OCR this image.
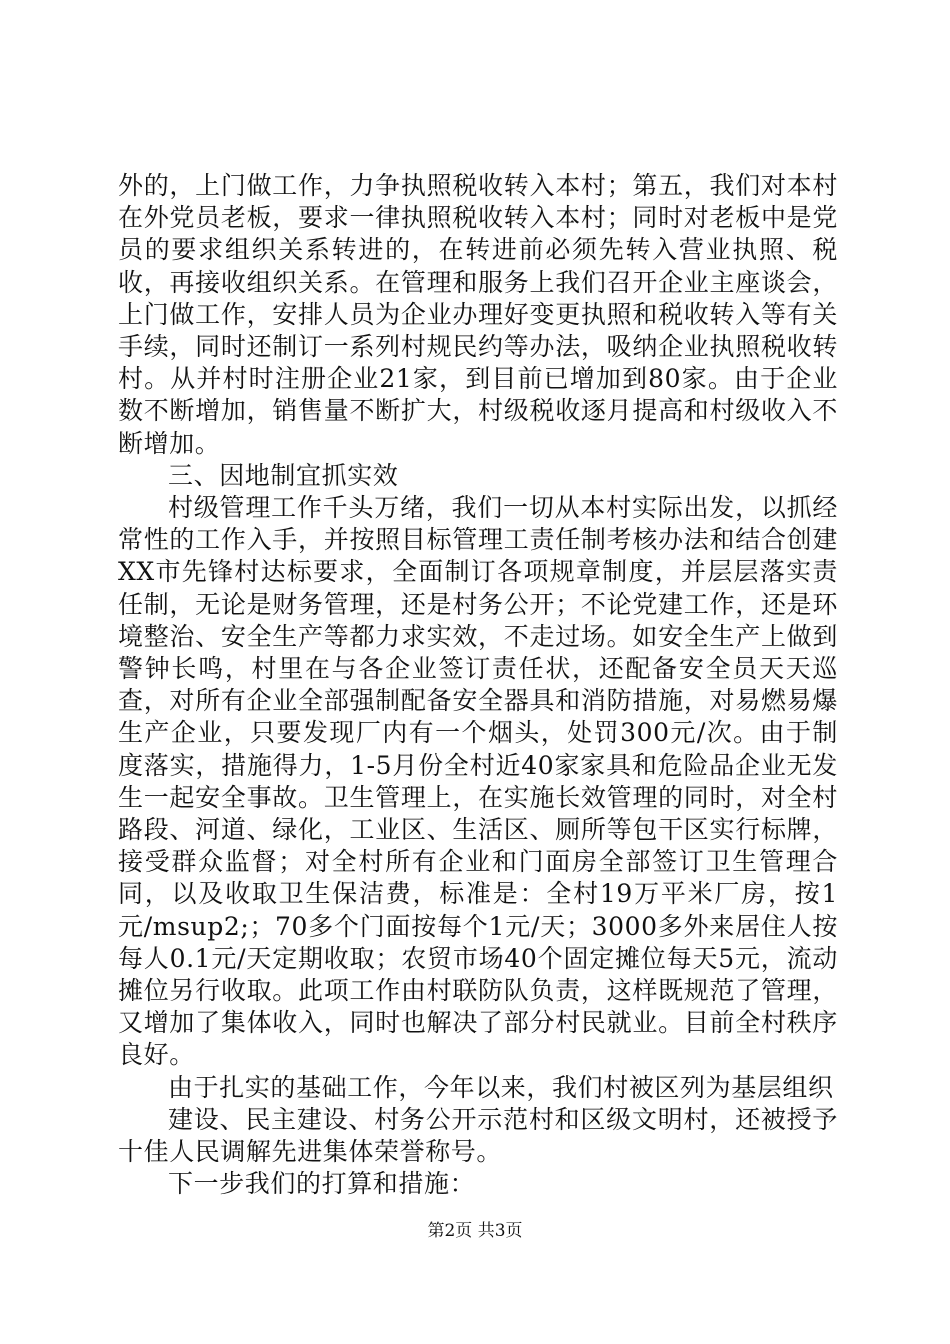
外的，上门做工作，力争执照税收转入本村；第五，我们对本村在外党员老板，要求一律执照税收转入本村；同时对老板中是党员的要求组织关系转进的，在转进前必须先转入营业执照、税收，再接收组织关系。在管理和服务上我们召开企业主座谈会，上门做工作，安排人员为企业办理好变更执照和税收转入等有关手续，同时还制订一系列村规民约等办法，吸纳企业执照税收转村。从并村时注册企业21家，到目前已增加到80家。由于企业数不断增加，销售量不断扩大，村级税收逐月提高和村级收入不断增加。

三、因地制宜抓实效

村级管理工作千头万绪，我们一切从本村实际出发，以抓经常性的工作入手，并按照目标管理工责任制考核办法和结合创建XX市先锋村达标要求，全面制订各项规章制度，并层层落实责任制，无论是财务管理，还是村务公开；不论党建工作，还是环境整治、安全生产等都力求实效，不走过场。如安全生产上做到警钟长鸣，村里在与各企业签订责任状，还配备安全员天天巡查，对所有企业全部强制配备安全器具和消防措施，对易燃易爆生产企业，只要发现厂内有一个烟头，处罚300元/次。由于制度落实，措施得力，1-5月份全村近40家家具和危险品企业无发生一起安全事故。卫生管理上，在实施长效管理的同时，对全村路段、河道、绿化，工业区、生活区、厕所等包干区实行标牌，接受群众监督；对全村所有企业和门面房全部签订卫生管理合同，以及收取卫生保洁费，标准是：全村19万平米厂房，按1元/msup2;；70多个门面按每个1元/天；3000多外来居住人按每人0.1元/天定期收取；农贸市场40个固定摊位每天5元，流动摊位另行收取。此项工作由村联防队负责，这样既规范了管理，又增加了集体收入，同时也解决了部分村民就业。目前全村秩序良好。

由于扎实的基础工作，今年以来，我们村被区列为基层组织

建设、民主建设、村务公开示范村和区级文明村，还被授予十佳人民调解先进集体荣誉称号。

下一步我们的打算和措施：

第2页 共3页
